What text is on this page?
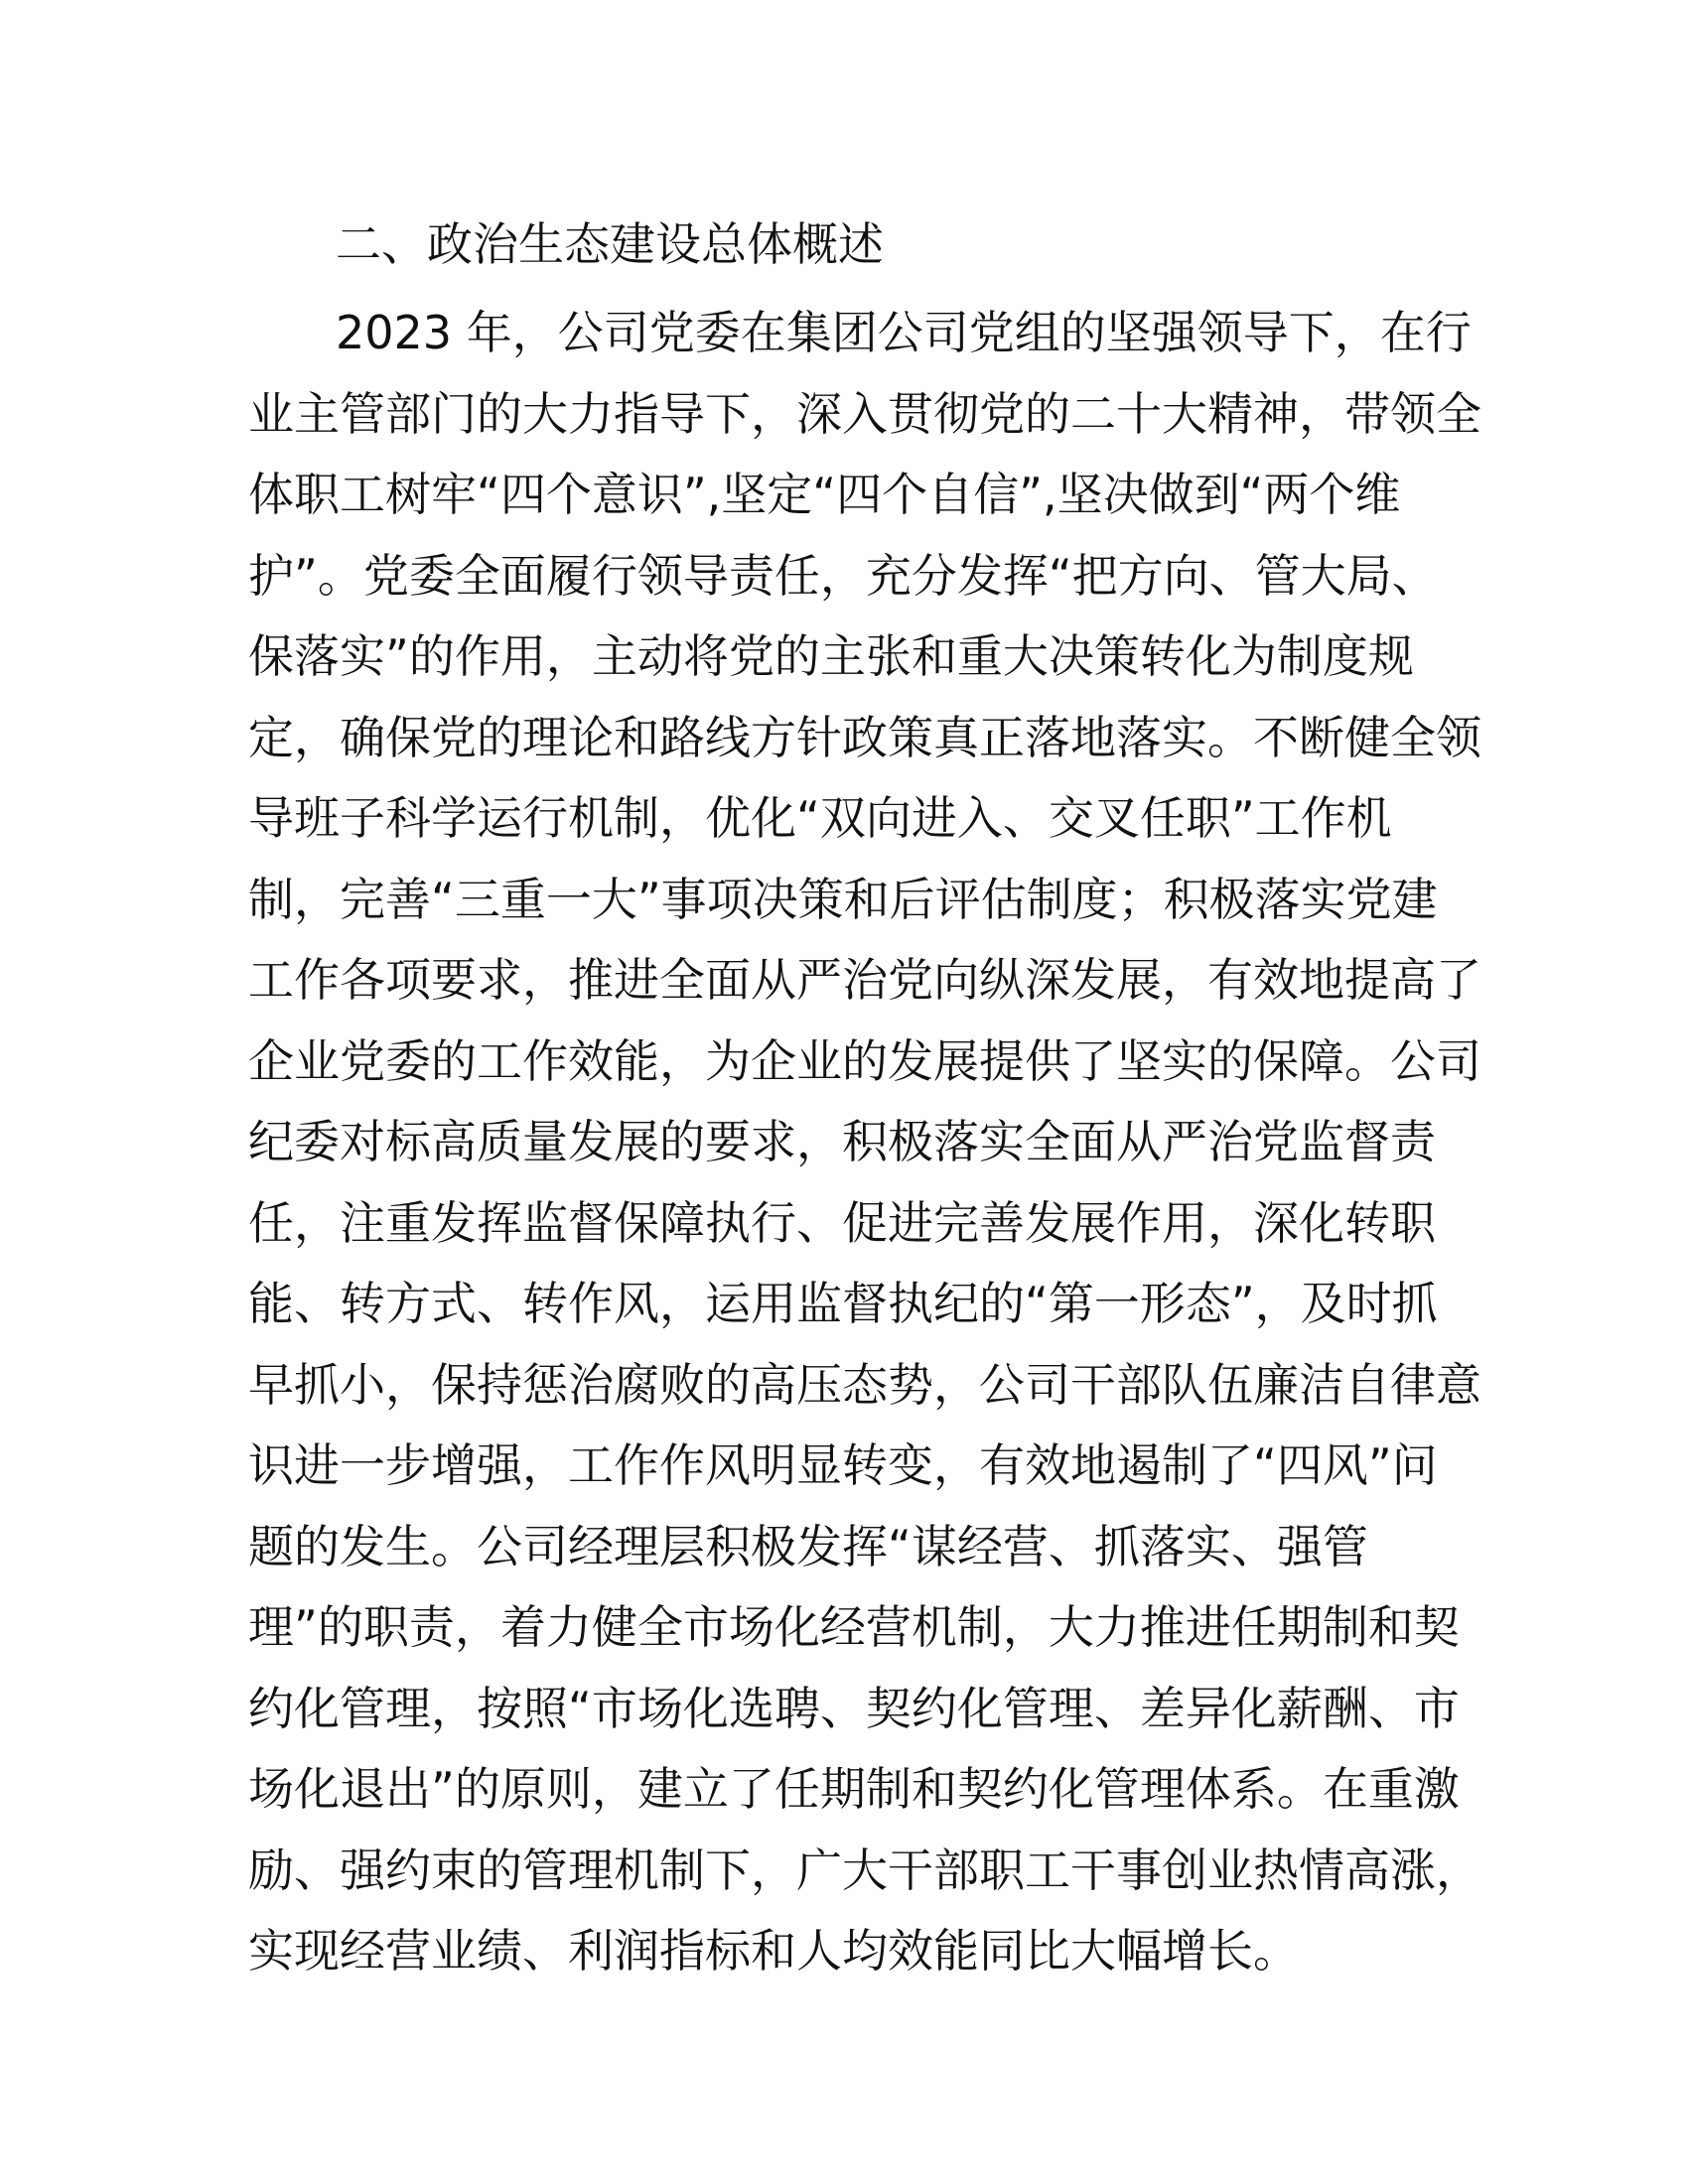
二、政治生态建设总体概述
2023 年，公司党委在集团公司党组的坚强领导下，在行
业主管部门的大力指导下，深入贯彻党的二十大精神，带领全
体职工树牢“四个意识”,坚定“四个自信”,坚决做到“两个维
护”。党委全面履行领导责任，充分发挥“把方向、管大局、
保落实”的作用，主动将党的主张和重大决策转化为制度规
定，确保党的理论和路线方针政策真正落地落实。不断健全领
导班子科学运行机制，优化“双向进入、交叉任职”工作机
制，完善“三重一大”事项决策和后评估制度；积极落实党建
工作各项要求，推进全面从严治党向纵深发展，有效地提高了
企业党委的工作效能，为企业的发展提供了坚实的保障。公司
纪委对标高质量发展的要求，积极落实全面从严治党监督责
任，注重发挥监督保障执行、促进完善发展作用，深化转职
能、转方式、转作风，运用监督执纪的“第一形态”，及时抓
早抓小，保持惩治腐败的高压态势，公司干部队伍廉洁自律意
识进一步增强，工作作风明显转变，有效地遏制了“四风”问
题的发生。公司经理层积极发挥“谋经营、抓落实、强管
理”的职责，着力健全市场化经营机制，大力推进任期制和契
约化管理，按照“市场化选聘、契约化管理、差异化薪酬、市
场化退出”的原则，建立了任期制和契约化管理体系。在重激
励、强约束的管理机制下，广大干部职工干事创业热情高涨，
实现经营业绩、利润指标和人均效能同比大幅增长。
